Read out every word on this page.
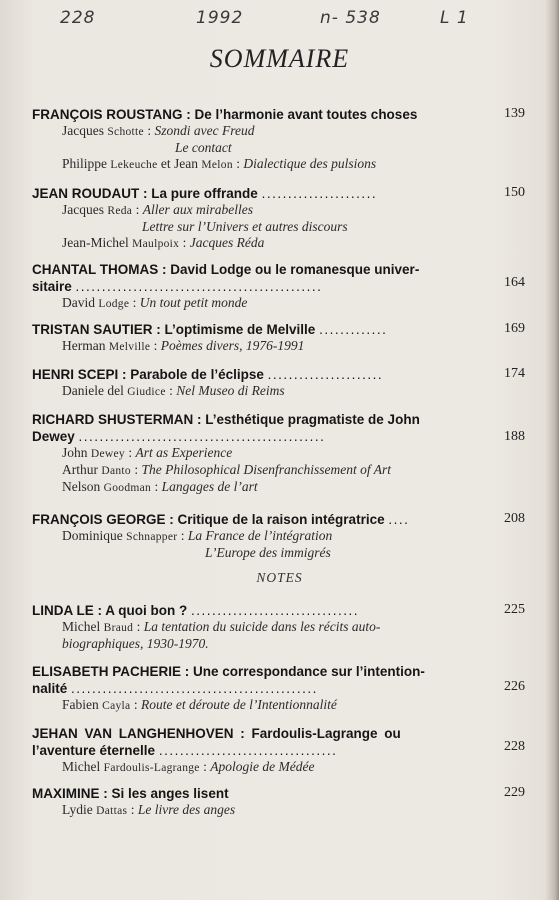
228	1992	n- 538	L 1
SOMMAIRE
FRANÇOIS ROUSTANG : De l’harmonie avant toutes choses	139
Jacques Schotte : Szondi avec Freud
Le contact
Philippe Lekeuche et Jean Melon : Dialectique des pulsions
JEAN ROUDAUT : La pure offrande ......................	150
Jacques Reda : Aller aux mirabelles
Lettre sur l’Univers et autres discours
Jean-Michel Maulpoix : Jacques Réda
CHANTAL THOMAS : David Lodge ou le romanesque univer-
sitaire ...............................................	164
David Lodge : Un tout petit monde
TRISTAN SAUTIER : L’optimisme de Melville .............	169
Herman Melville : Poèmes divers, 1976-1991
HENRI SCEPI : Parabole de l’éclipse ......................	174
Daniele del Giudice : Nel Museo di Reims
RICHARD SHUSTERMAN : L’esthétique pragmatiste de John
Dewey ...............................................	188
John Dewey : Art as Experience
Arthur Danto : The Philosophical Disenfranchissement of Art
Nelson Goodman : Langages de l’art
FRANÇOIS GEORGE : Critique de la raison intégratrice ....	208
Dominique Schnapper : La France de l’intégration
L’Europe des immigrés
NOTES
LINDA LE : A quoi bon ? ................................	225
Michel Braud : La tentation du suicide dans les récits auto-
biographiques, 1930-1970.
ELISABETH PACHERIE : Une correspondance sur l’intention-
nalité ...............................................	226
Fabien Cayla : Route et déroute de l’Intentionnalité
JEHAN VAN LANGHENHOVEN : Fardoulis-Lagrange ou
l’aventure éternelle ..................................	228
Michel Fardoulis-Lagrange : Apologie de Médée
MAXIMINE : Si les anges lisent	229
Lydie Dattas : Le livre des anges
